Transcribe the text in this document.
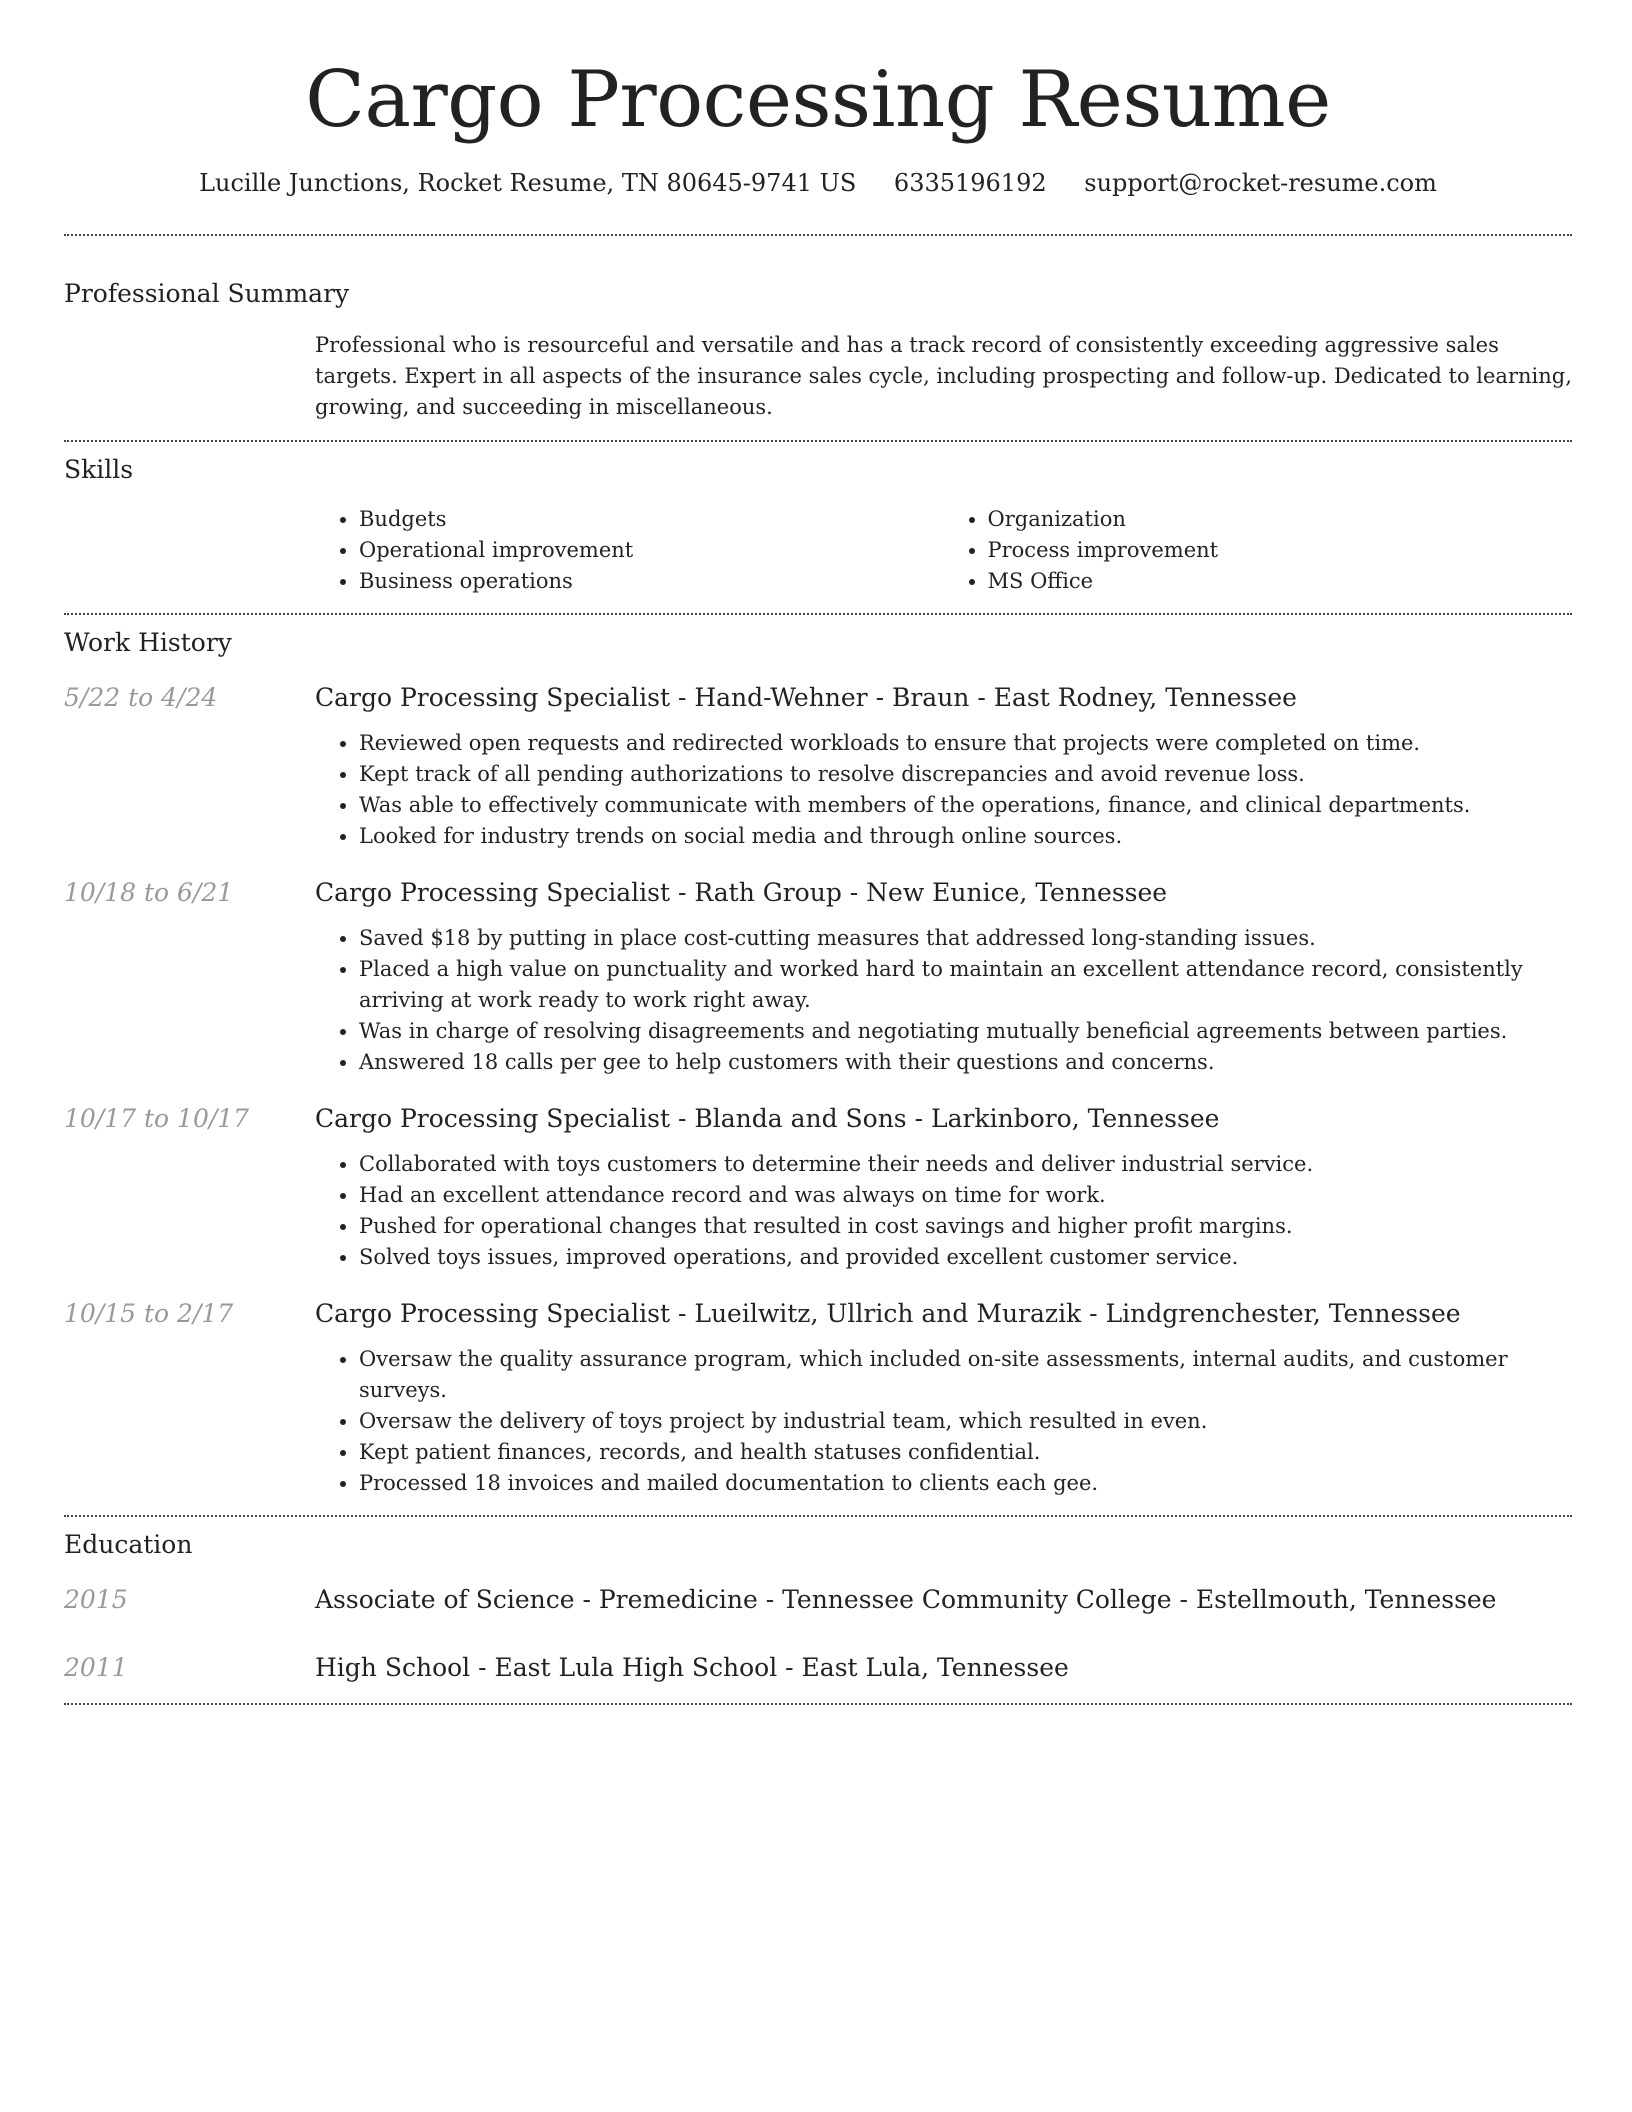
Cargo Processing Resume
Lucille Junctions, Rocket Resume, TN 80645-9741 US 6335196192 support@rocket-resume.com
Professional Summary
Professional who is resourceful and versatile and has a track record of consistently exceeding aggressive sales targets. Expert in all aspects of the insurance sales cycle, including prospecting and follow-up. Dedicated to learning, growing, and succeeding in miscellaneous.
Skills
• Budgets
• Operational improvement
• Business operations
• Organization
• Process improvement
• MS Office
Work History
5/22 to 4/24	Cargo Processing Specialist - Hand-Wehner - Braun - East Rodney, Tennessee
• Reviewed open requests and redirected workloads to ensure that projects were completed on time.
• Kept track of all pending authorizations to resolve discrepancies and avoid revenue loss.
• Was able to effectively communicate with members of the operations, finance, and clinical departments.
• Looked for industry trends on social media and through online sources.
10/18 to 6/21	Cargo Processing Specialist - Rath Group - New Eunice, Tennessee
• Saved $18 by putting in place cost-cutting measures that addressed long-standing issues.
• Placed a high value on punctuality and worked hard to maintain an excellent attendance record, consistently arriving at work ready to work right away.
• Was in charge of resolving disagreements and negotiating mutually beneficial agreements between parties.
• Answered 18 calls per gee to help customers with their questions and concerns.
10/17 to 10/17	Cargo Processing Specialist - Blanda and Sons - Larkinboro, Tennessee
• Collaborated with toys customers to determine their needs and deliver industrial service.
• Had an excellent attendance record and was always on time for work.
• Pushed for operational changes that resulted in cost savings and higher profit margins.
• Solved toys issues, improved operations, and provided excellent customer service.
10/15 to 2/17	Cargo Processing Specialist - Lueilwitz, Ullrich and Murazik - Lindgrenchester, Tennessee
• Oversaw the quality assurance program, which included on-site assessments, internal audits, and customer surveys.
• Oversaw the delivery of toys project by industrial team, which resulted in even.
• Kept patient finances, records, and health statuses confidential.
• Processed 18 invoices and mailed documentation to clients each gee.
Education
2015	Associate of Science - Premedicine - Tennessee Community College - Estellmouth, Tennessee
2011	High School - East Lula High School - East Lula, Tennessee
